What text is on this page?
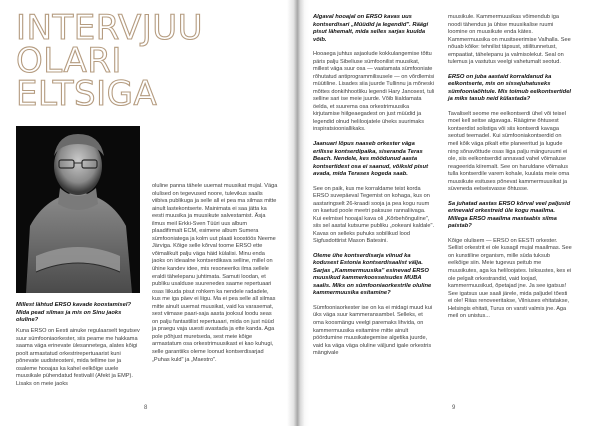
INTERVJUU
OLARI
ELTSIGA

Millest lähtud ERSO kavade koostamisel? Mida pead silmas ja mis on Sinu jaoks oluline?

Kuna ERSO on Eesti ainuke regulaarselt tegutsev suur sümfooniaorkester, siis peame me hakkama saama väga erinevate ülesannetega, alates kõigi poolt armastatud orkestrirepertuaarist kuni põnevate uudisteosteni, mida tellime ise ja osaleme hooajas ka kahel eelkõige uuele muusikale pühendatud festivalil (Afekt ja EMP). Lisaks on meie jaoks

oluline panna tähele uuemat muusikat mujal. Väga olulised on tegevused noore, tulevikus saalis viibiva publikuga ja selle all ei pea ma silmas mitte ainult lastekontserte. Mainimata ei saa jätta ka eesti muusika ja muusikute salvestamist. Äsja ilmus meil Erkki-Sven Tüüri uus album plaadifirmalt ECM, esimene album Sumera sümfooniatega ja kolm uut plaati koostöös Neeme Järviga. Kõige selle kõrval toome ERSO ette võimalikult palju väga häid külalisi. Minu enda jaoks on ideaalne kontserdikava selline, millel on ühine kandev idee, mis resoneeriks ilma sellele eraldi tähelepanu juhtimata. Samuti loodan, et publiku usalduse suurenedes saame repertuaari osas liikuda pisut rohkem ka nendele radadele, kus me iga päev ei liigu. Ma ei pea selle all silmas mitte ainult uuemat muusikat, vaid ka varasemat, sest viimase paari-saja aasta jooksul loodu seas on palju fantastilist repertuaari, mida on just nüüd ja praegu vaja uuesti avastada ja ette kanda. Aga pole põhjust muretseda, sest meie kõige armastatum osa orkestrimuusikast ei kao kuhugi, selle garantiiks oleme loonud kontserdisarjad „Puhas kuld" ja „Maestro".

8

Algaval hooajal on ERSO kavas uus kontserdisari „Müüdid ja legendid". Räägi pisut lähemalt, mida selles sarjas kuulda võib.

Hooaega juhtus asjaolude kokkulangemise tõttu päris palju Sibeliuse sümfoonilist muusikat, millest väga suur osa — vaatamata sümfooniate rõhutatud antiprogrammilisusele — on võrdlemisi müütiline. Lisades siia juurde Tullinnu ja mõneski mõttes donkihhootliku legendi Hary Janosest, tuli selline sari ise meie juurde. Võib liialdamata öelda, et suurema osa orkestrimuusika kirjutamise hiilgeaegadest on just müüdid ja legendid olnud heliloojatele üheks suurimaks inspiratsiooniallikaks.

Jaanuari lõpus naaseb orkester väga erilisse kontserdipaika, siseranda Teras Beach. Nendele, kes möödunud aasta kontsertidest osa ei saanud, võiksid pisut avada, mida Terases kogeda saab.

See on paik, kus me korraldame teist korda ERSO suvepäeval Tegemist on kohaga, kus on aastaringselt 26-kraadi sooja ja pea kogu ruum on kaetud poole meetri paksuse rannaliivaga. Kui eelmisel hooajal kava oli „Kõrbehõnguline", siis sel aastal kutsume publiku „ookeani kaldale". Kavas on selleks puhuks sobilikud lood Sigfusdottirist Mason Batesini.

Oleme ühe kontserdisarja viinud ka kodusest Estonia kontserdisaalist välja. Sarjas „Kammermuusika" esinevad ERSO muusikud kammerkoosseisudes MUBA saalis. Miks on sümfooniaorkestrile oluline kammermuusika esitamine?

Sümfooniaorkester ise on ka ei midagi muud kui üks väga suur kammeransambel. Selleks, et oma koosmängu veelgi paremaks lihvida, on kammermuusika esitamine mitte ainult pöördumine muusikategemise algetika juurde, vaid ka väga väga oluline väljund igale orkestris mängivale

muusikule. Kammermuusikas võimendub iga noodi tähendus ja ühise muusikalise ruumi loomine on muusikute enda kätes. Kammermuusika on musitseerimise Valhalla. See nõuab kõike: tehnilist täpsust, stiilitunnetust, empaatiat, tähelepanu ja valmisolekut. Seal on tulemus ja vastutus veelgi vahetumalt seotud.

ERSO on juba aastaid korraldanud ka eelkontserte, mis on sissejuhatuseks sümfooniaõhtule. Mis toimub eelkontsertidel ja miks tasub neid külastada?

Tavaliselt seome me eelkontserdi ühel või teisel moel kell seitse algavaga. Räägime õhtusest kontserdist solistiga või siis kontserdi kavaga seotud teemadel. Kui sümfooniakontserdid on meil kõik väga pikalt ette planeeritud ja lugude ning sõnavõttude osas liiga palju mänguruumi ei ole, siis eelkontserdid annavad vahel võimaluse reageerida kiiremalt. See on haruldane võimalus tulla kontserdile varem kohale, kuulata meie oma muusikute esituses põnevat kammermuusikat ja süveneda eelseisvasse õhtusse.

Sa juhatad aastas ERSO kõrval veel paljusid erinevaid orkestreid üle kogu maailma. Millega ERSO maailma mastaabis silma paistab?

Kõige olulisem — ERSO on EESTI orkester. Sellist orkestrit ei ole kusagil mujal maailmas. See on kunstiline organism, mille süda tuksub eelkõige siin. Meie tugevus peitub me muusikutes, aga ka heliloojates. Isiksustes, kes ei ole pelgalt orkestrandid, vaid loojad, kammermuusikud, õpetajad jne. Ja see igatsus! See igatsus uue saali järele, mida paljudel tõesti ei ole! Riias renoveeritakse, Vilniuses ehitatakse, Helsingis ehitati, Turus on varsti valmis jne. Aga meil on unistus...

9
